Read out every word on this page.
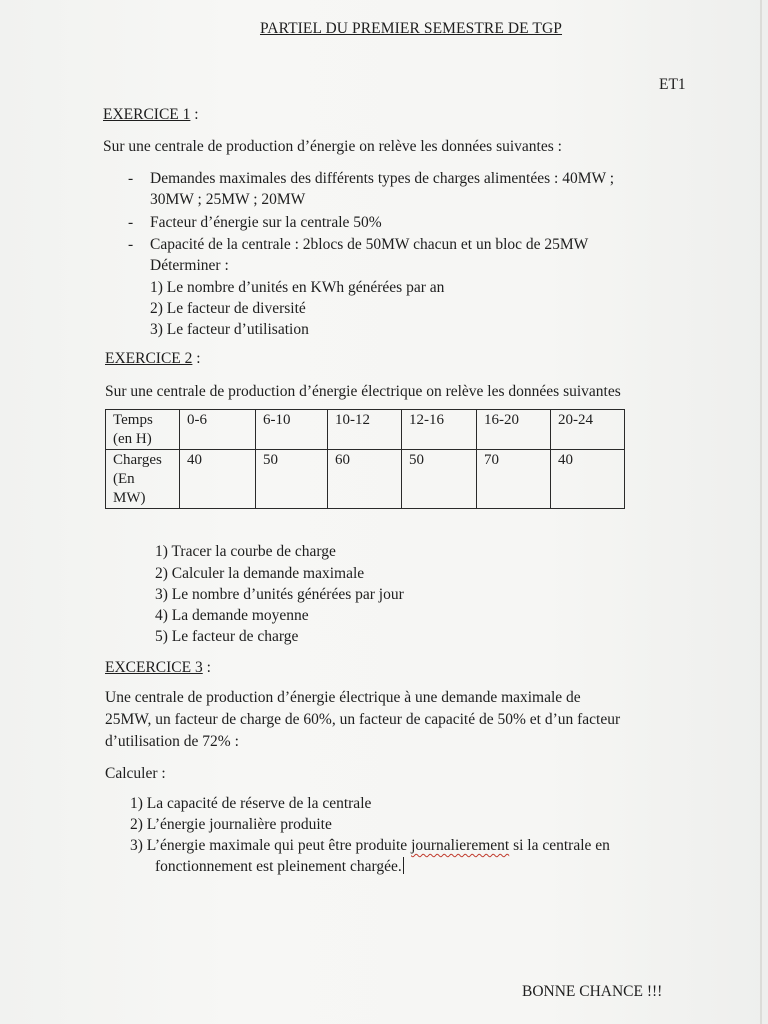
PARTIEL DU PREMIER SEMESTRE DE TGP
ET1
EXERCICE 1 :
Sur une centrale de production d’énergie on relève les données suivantes :
- Demandes maximales des différents types de charges alimentées : 40MW ;
30MW ; 25MW ; 20MW
- Facteur d’énergie sur la centrale 50%
- Capacité de la centrale : 2blocs de 50MW chacun et un bloc de 25MW
Déterminer :
1) Le nombre d’unités en KWh générées par an
2) Le facteur de diversité
3) Le facteur d’utilisation
EXERCICE 2 :
Sur une centrale de production d’énergie électrique on relève les données suivantes
Temps
(en H)	0-6	6-10	10-12	12-16	16-20	20-24

Charges
(En
MW)	40	50	60	50	70	40
1) Tracer la courbe de charge
2) Calculer la demande maximale
3) Le nombre d’unités générées par jour
4) La demande moyenne
5) Le facteur de charge
EXCERCICE 3 :
Une centrale de production d’énergie électrique à une demande maximale de
25MW, un facteur de charge de 60%, un facteur de capacité de 50% et d’un facteur
d’utilisation de 72% :
Calculer :
1) La capacité de réserve de la centrale
2) L’énergie journalière produite
3) L’énergie maximale qui peut être produite journalierement si la centrale en
fonctionnement est pleinement chargée.
BONNE CHANCE !!!
